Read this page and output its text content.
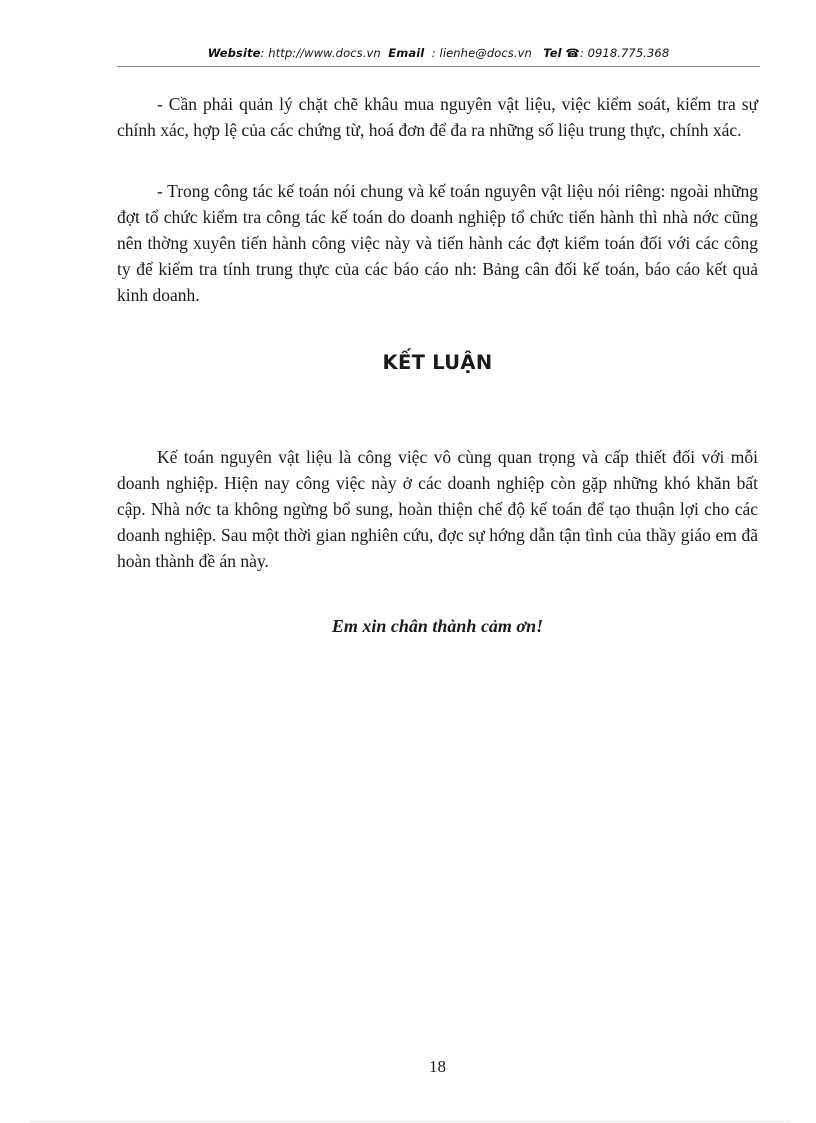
Website: http://www.docs.vn Email : lienhe@docs.vn Tel ☎: 0918.775.368

- Cần phải quản lý chặt chẽ khâu mua nguyên vật liệu, việc kiểm soát, kiểm tra sự chính xác, hợp lệ của các chứng từ, hoá đơn để đa ra những số liệu trung thực, chính xác.

- Trong công tác kế toán nói chung và kế toán nguyên vật liệu nói riêng: ngoài những đợt tổ chức kiểm tra công tác kế toán do doanh nghiệp tổ chức tiến hành thì nhà nớc cũng nên thờng xuyên tiến hành công việc này và tiến hành các đợt kiểm toán đối với các công ty để kiểm tra tính trung thực của các báo cáo nh: Bảng cân đối kế toán, báo cáo kết quả kinh doanh.

KẾT LUẬN

Kế toán nguyên vật liệu là công việc vô cùng quan trọng và cấp thiết đối với mỗi doanh nghiệp. Hiện nay công việc này ở các doanh nghiệp còn gặp những khó khăn bất cập. Nhà nớc ta không ngừng bổ sung, hoàn thiện chế độ kế toán để tạo thuận lợi cho các doanh nghiệp. Sau một thời gian nghiên cứu, đợc sự hớng dẫn tận tình của thầy giáo em đã hoàn thành đề án này.

Em xin chân thành cảm ơn!

18
